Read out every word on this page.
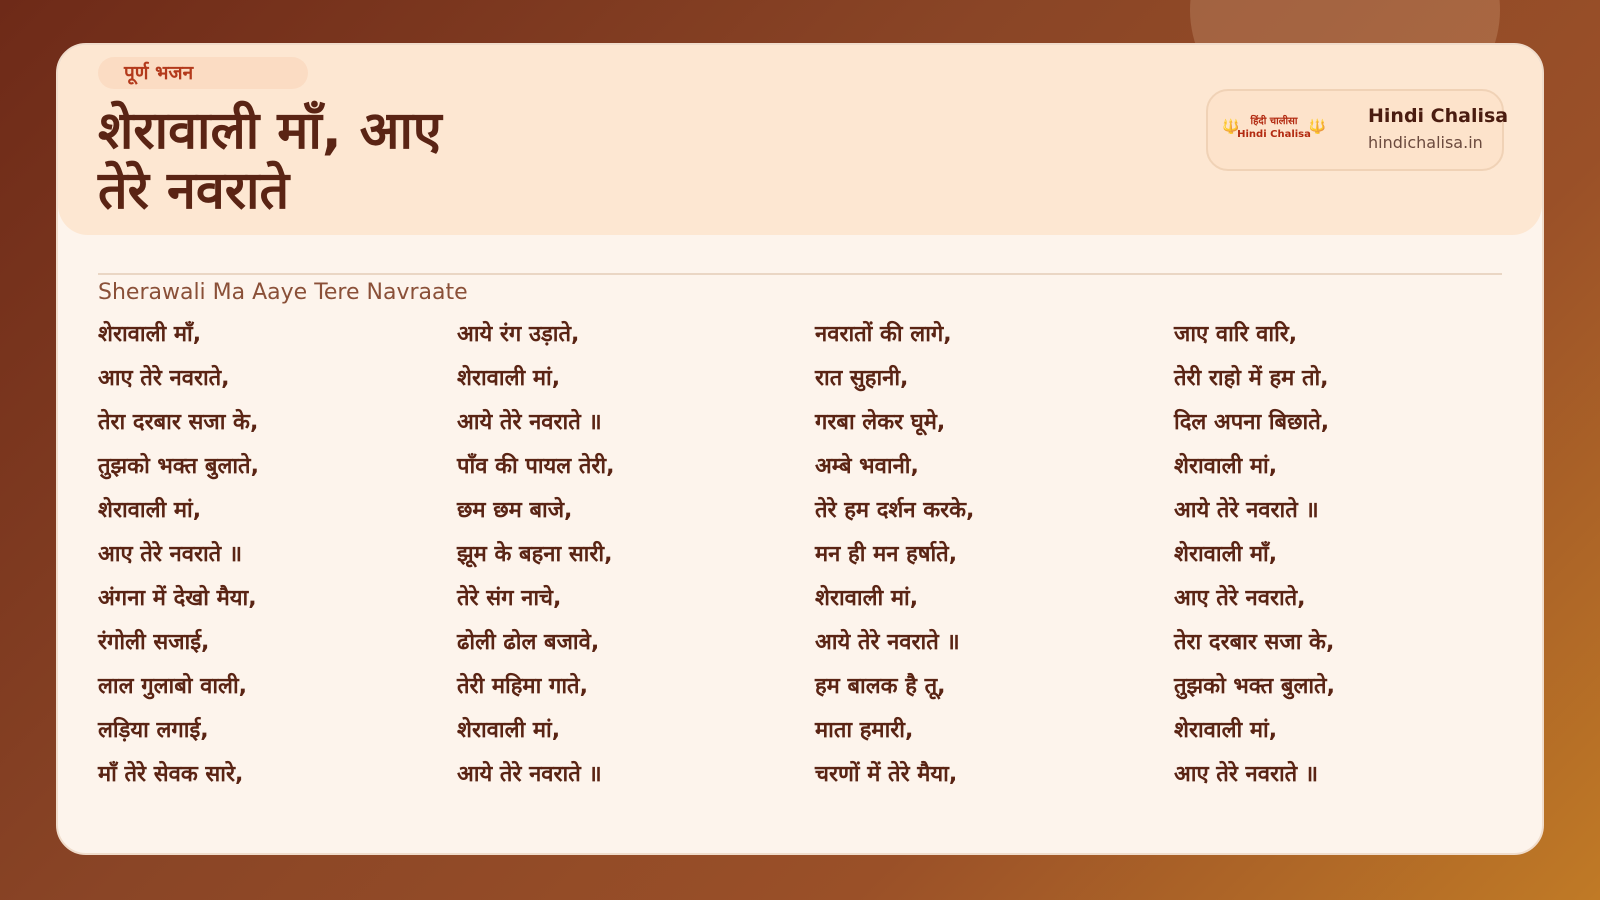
पूर्ण भजन
शेरावाली माँ, आए
तेरे नवराते
🔱	हिंदी चालीसा
Hindi Chalisa
🔱 Hindi Chalisa
hindichalisa.in
Sherawali Ma Aaye Tere Navraate
शेरावाली माँ,
आए तेरे नवराते,
तेरा दरबार सजा के,
तुझको भक्त बुलाते,
शेरावाली मां,
आए तेरे नवराते ॥
अंगना में देखो मैया,
रंगोली सजाई,
लाल गुलाबो वाली,
लड़िया लगाई,
माँ तेरे सेवक सारे,
आये रंग उड़ाते,
शेरावाली मां,
आये तेरे नवराते ॥
पाँव की पायल तेरी,
छम छम बाजे,
झूम के बहना सारी,
तेरे संग नाचे,
ढोली ढोल बजावे,
तेरी महिमा गाते,
शेरावाली मां,
आये तेरे नवराते ॥
नवरातों की लागे,
रात सुहानी,
गरबा लेकर घूमे,
अम्बे भवानी,
तेरे हम दर्शन करके,
मन ही मन हर्षाते,
शेरावाली मां,
आये तेरे नवराते ॥
हम बालक है तू,
माता हमारी,
चरणों में तेरे मैया,
जाए वारि वारि,
तेरी राहो में हम तो,
दिल अपना बिछाते,
शेरावाली मां,
आये तेरे नवराते ॥
शेरावाली माँ,
आए तेरे नवराते,
तेरा दरबार सजा के,
तुझको भक्त बुलाते,
शेरावाली मां,
आए तेरे नवराते ॥
